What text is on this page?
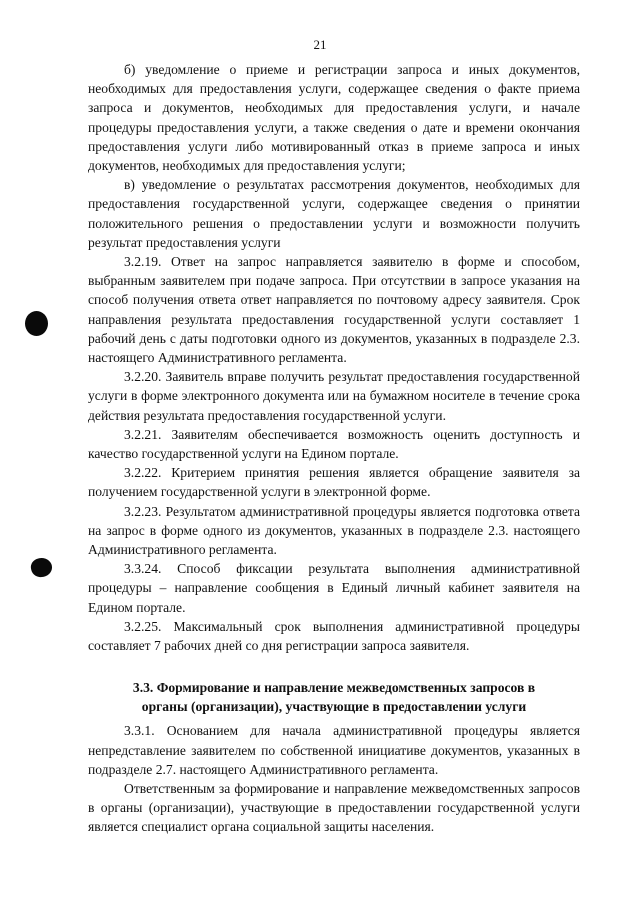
21

б) уведомление о приеме и регистрации запроса и иных документов, необходимых для предоставления услуги, содержащее сведения о факте приема запроса и документов, необходимых для предоставления услуги, и начале процедуры предоставления услуги, а также сведения о дате и времени окончания предоставления услуги либо мотивированный отказ в приеме запроса и иных документов, необходимых для предоставления услуги;

в) уведомление о результатах рассмотрения документов, необходимых для предоставления государственной услуги, содержащее сведения о принятии положительного решения о предоставлении услуги и возможности получить результат предоставления услуги

3.2.19. Ответ на запрос направляется заявителю в форме и способом, выбранным заявителем при подаче запроса. При отсутствии в запросе указания на способ получения ответа ответ направляется по почтовому адресу заявителя. Срок направления результата предоставления государственной услуги составляет 1 рабочий день с даты подготовки одного из документов, указанных в подразделе 2.3. настоящего Административного регламента.

3.2.20. Заявитель вправе получить результат предоставления государственной услуги в форме электронного документа или на бумажном носителе в течение срока действия результата предоставления государственной услуги.

3.2.21. Заявителям обеспечивается возможность оценить доступность и качество государственной услуги на Едином портале.

3.2.22. Критерием принятия решения является обращение заявителя за получением государственной услуги в электронной форме.

3.2.23. Результатом административной процедуры является подготовка ответа на запрос в форме одного из документов, указанных в подразделе 2.3. настоящего Административного регламента.

3.3.24. Способ фиксации результата выполнения административной процедуры – направление сообщения в Единый личный кабинет заявителя на Едином портале.

3.2.25. Максимальный срок выполнения административной процедуры составляет 7 рабочих дней со дня регистрации запроса заявителя.

3.3. Формирование и направление межведомственных запросов в
органы (организации), участвующие в предоставлении услуги

3.3.1. Основанием для начала административной процедуры является непредставление заявителем по собственной инициативе документов, указанных в подразделе 2.7. настоящего Административного регламента.

Ответственным за формирование и направление межведомственных запросов в органы (организации), участвующие в предоставлении государственной услуги является специалист органа социальной защиты населения.
